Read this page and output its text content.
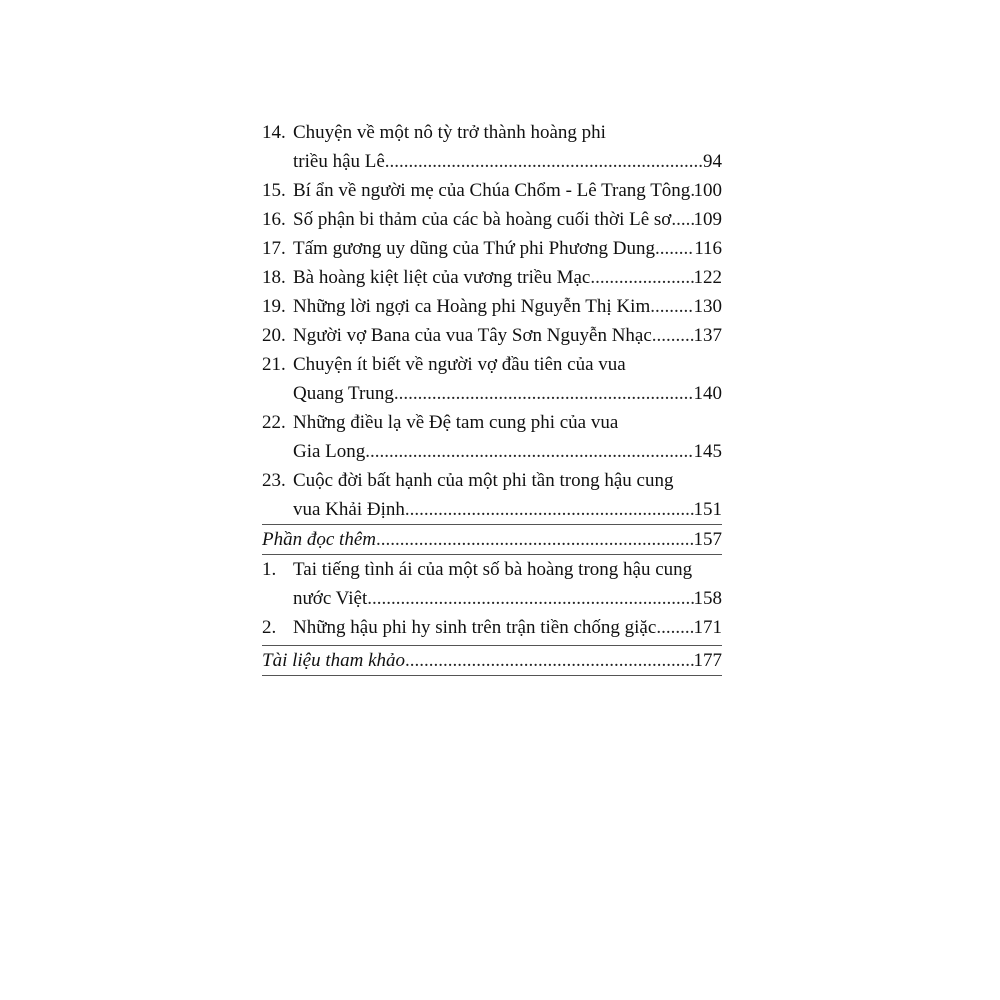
14. Chuyện về một nô tỳ trở thành hoàng phi
triều hậu Lê .....	94
15. Bí ẩn về người mẹ của Chúa Chổm - Lê Trang Tông ..... 100
16. Số phận bi thảm của các bà hoàng cuối thời Lê sơ ..... 109
17. Tấm gương uy dũng của Thứ phi Phương Dung ..... 116
18. Bà hoàng kiệt liệt của vương triều Mạc .....	122
19. Những lời ngợi ca Hoàng phi Nguyễn Thị Kim ..... 130
20. Người vợ Bana của vua Tây Sơn Nguyễn Nhạc ..... 137
21. Chuyện ít biết về người vợ đầu tiên của vua
Quang Trung .....	140
22. Những điều lạ về Đệ tam cung phi của vua
Gia Long .....	145
23. Cuộc đời bất hạnh của một phi tần trong hậu cung
vua Khải Định .....	151
Phần đọc thêm .....	157
1. Tai tiếng tình ái của một số bà hoàng trong hậu cung
nước Việt .....	158
2. Những hậu phi hy sinh trên trận tiền chống giặc ..... 171
Tài liệu tham khảo .....	177
